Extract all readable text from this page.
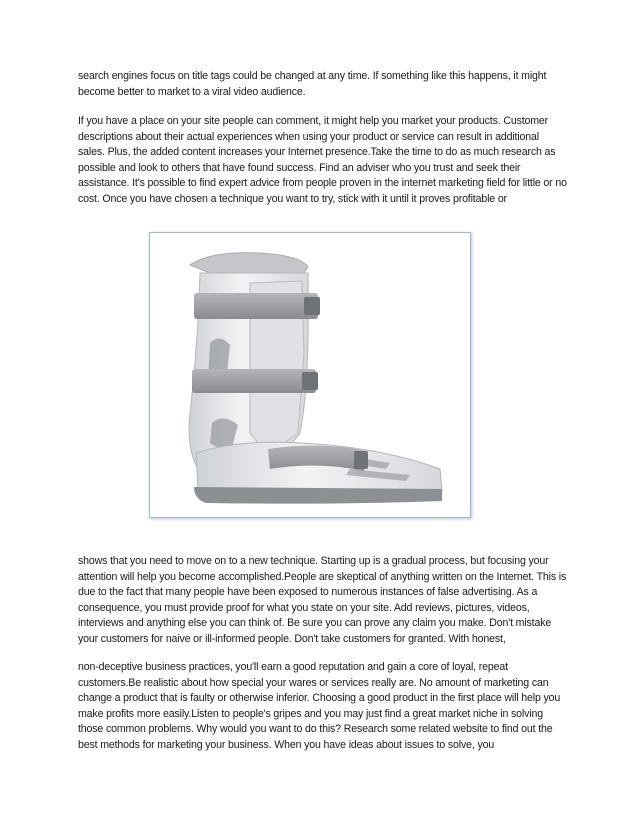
search engines focus on title tags could be changed at any time. If something like this happens, it might become better to market to a viral video audience.

If you have a place on your site people can comment, it might help you market your products. Customer descriptions about their actual experiences when using your product or service can result in additional sales. Plus, the added content increases your Internet presence.Take the time to do as much research as possible and look to others that have found success. Find an adviser who you trust and seek their assistance. It's possible to find expert advice from people proven in the internet marketing field for little or no cost. Once you have chosen a technique you want to try, stick with it until it proves profitable or

shows that you need to move on to a new technique. Starting up is a gradual process, but focusing your attention will help you become accomplished.People are skeptical of anything written on the Internet. This is due to the fact that many people have been exposed to numerous instances of false advertising. As a consequence, you must provide proof for what you state on your site. Add reviews, pictures, videos, interviews and anything else you can think of. Be sure you can prove any claim you make. Don't mistake your customers for naive or ill-informed people. Don't take customers for granted. With honest,

non-deceptive business practices, you'll earn a good reputation and gain a core of loyal, repeat customers.Be realistic about how special your wares or services really are. No amount of marketing can change a product that is faulty or otherwise inferior. Choosing a good product in the first place will help you make profits more easily.Listen to people's gripes and you may just find a great market niche in solving those common problems. Why would you want to do this? Research some related website to find out the best methods for marketing your business. When you have ideas about issues to solve, you
